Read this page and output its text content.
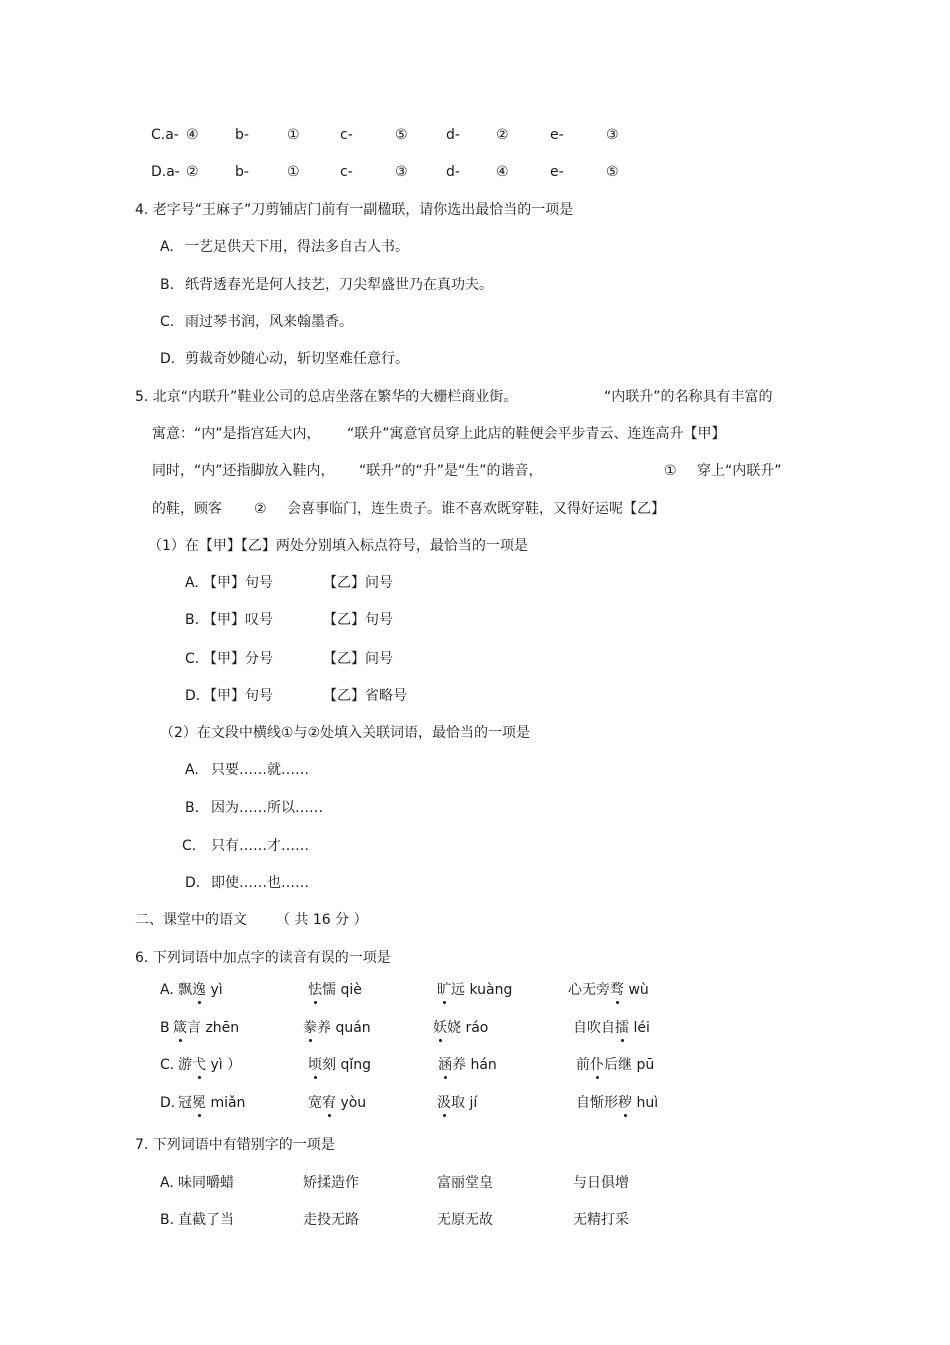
C.a- ④	b-	①	c-	⑤	d-	②	e-	③
D.a- ②	b-	①	c-	③	d-	④	e-	⑤
4. 老字号“王麻子”刀剪铺店门前有一副楹联，请你选出最恰当的一项是
A. 一艺足供天下用，得法多自古人书。
B. 纸背透春光是何人技艺，刀尖犁盛世乃在真功夫。
C. 雨过琴书润，风来翰墨香。
D. 剪裁奇妙随心动，斩切坚难任意行。
5. 北京“内联升”鞋业公司的总店坐落在繁华的大栅栏商业街。	“内联升”的名称具有丰富的
寓意：“内”是指宫廷大内， “联升”寓意官员穿上此店的鞋便会平步青云、连连高升【甲】
同时，“内”还指脚放入鞋内， “联升”的“升”是“生”的谐音，	① 穿上“内联升”
的鞋，顾客 ② 会喜事临门，连生贵子。谁不喜欢既穿鞋，又得好运呢【乙】
（1）在【甲】【乙】两处分别填入标点符号，最恰当的一项是
A. 【甲】句号	【乙】问号
B. 【甲】叹号	【乙】句号
C. 【甲】分号	【乙】问号
D. 【甲】句号	【乙】省略号
（2）在文段中横线①与②处填入关联词语，最恰当的一项是
A. 只要……就……
B. 因为……所以……
C. 只有……才……
D. 即使……也……
二、课堂中的语文 （ 共 16 分 ）
6. 下列词语中加点字的读音有误的一项是
A. 飘逸 yì	怯懦 qiè	旷远 kuàng	心无旁骛 wù
B 箴言 zhēn	豢养 quán	妖娆 ráo	自吹自擂 léi
C. 游弋 yì ）	顷刻 qǐng	涵养 hán	前仆后继 pū
D. 冠冕 miǎn	宽宥 yòu	汲取 jí	自惭形秽 huì
7. 下列词语中有错别字的一项是
A. 味同嚼蜡	矫揉造作	富丽堂皇	与日俱增
B. 直截了当	走投无路	无原无故	无精打采
